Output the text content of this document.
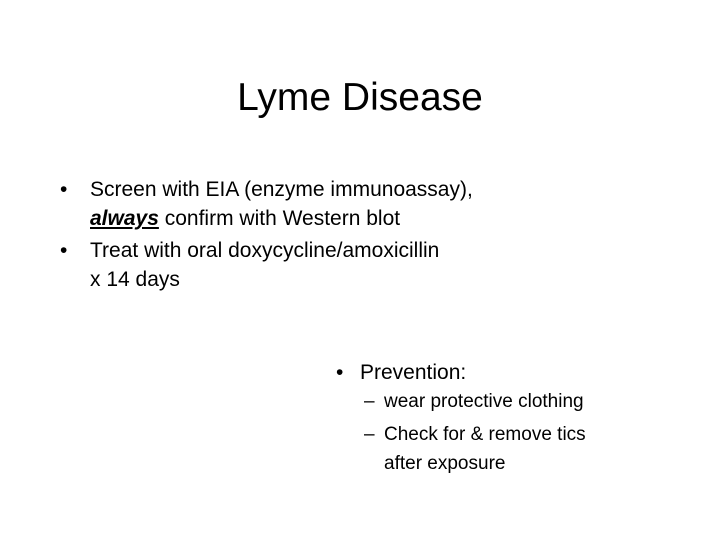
Lyme Disease
• Screen with EIA (enzyme immunoassay),
always confirm with Western blot
• Treat with oral doxycycline/amoxicillin
x 14 days
• Prevention:
– wear protective clothing
– Check for & remove tics
after exposure
